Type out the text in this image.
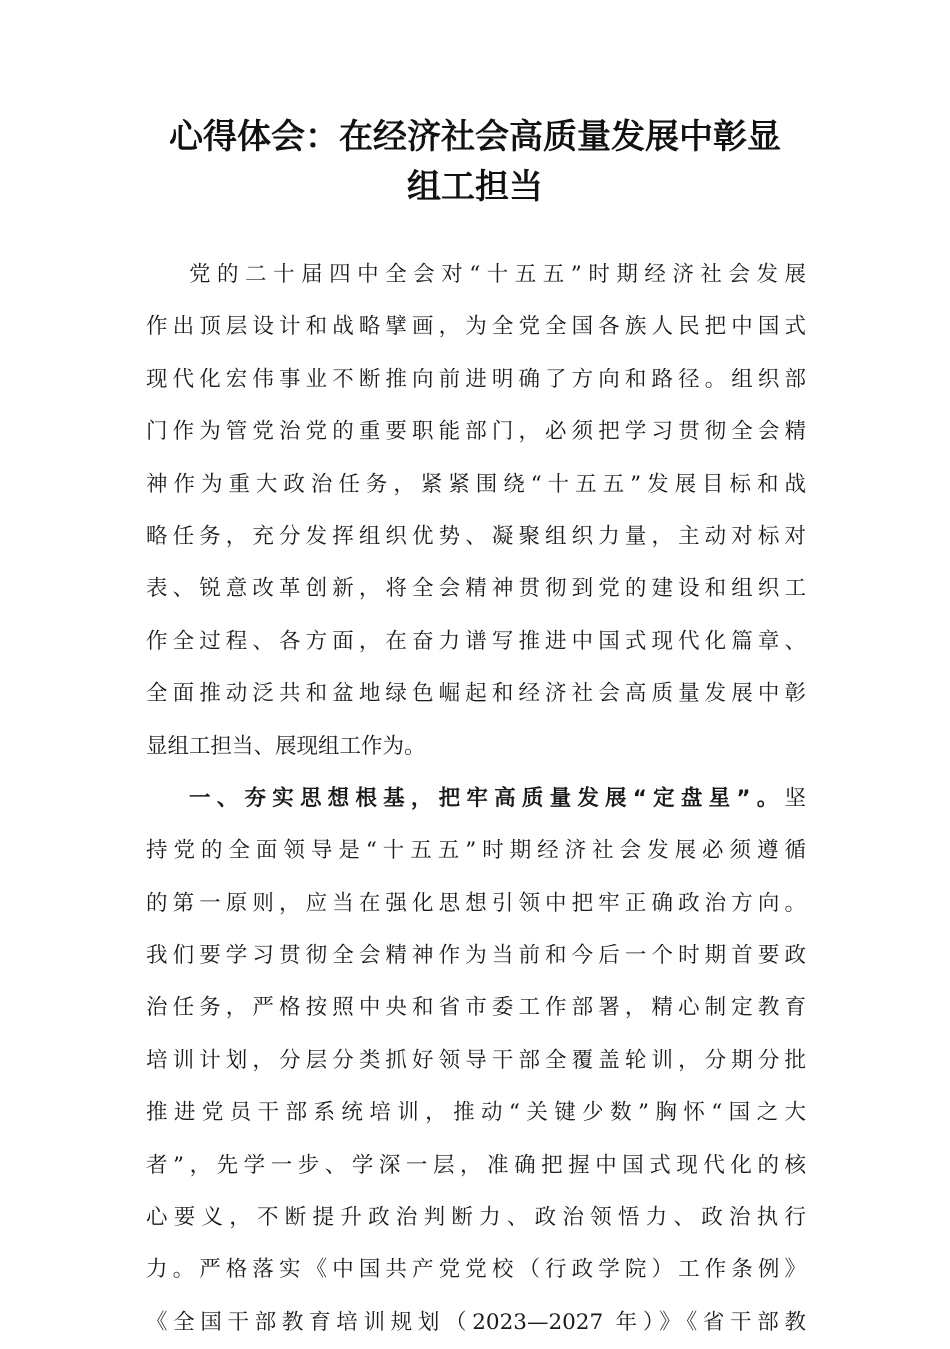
心得体会：在经济社会高质量发展中彰显
组工担当
党的二十届四中全会对“十五五”时期经济社会发展
作出顶层设计和战略擘画，为全党全国各族人民把中国式
现代化宏伟事业不断推向前进明确了方向和路径。组织部
门作为管党治党的重要职能部门，必须把学习贯彻全会精
神作为重大政治任务，紧紧围绕“十五五”发展目标和战
略任务，充分发挥组织优势、凝聚组织力量，主动对标对
表、锐意改革创新，将全会精神贯彻到党的建设和组织工
作全过程、各方面，在奋力谱写推进中国式现代化篇章、
全面推动泛共和盆地绿色崛起和经济社会高质量发展中彰
显组工担当、展现组工作为。
一、夯实思想根基，把牢高质量发展“定盘星”。坚
持党的全面领导是“十五五”时期经济社会发展必须遵循
的第一原则，应当在强化思想引领中把牢正确政治方向。
我们要学习贯彻全会精神作为当前和今后一个时期首要政
治任务，严格按照中央和省市委工作部署，精心制定教育
培训计划，分层分类抓好领导干部全覆盖轮训，分期分批
推进党员干部系统培训，推动“关键少数”胸怀“国之大
者”，先学一步、学深一层，准确把握中国式现代化的核
心要义，不断提升政治判断力、政治领悟力、政治执行
力。严格落实《中国共产党党校（行政学院）工作条例》
《全国干部教育培训规划（2023—2027 年）》《省干部教
